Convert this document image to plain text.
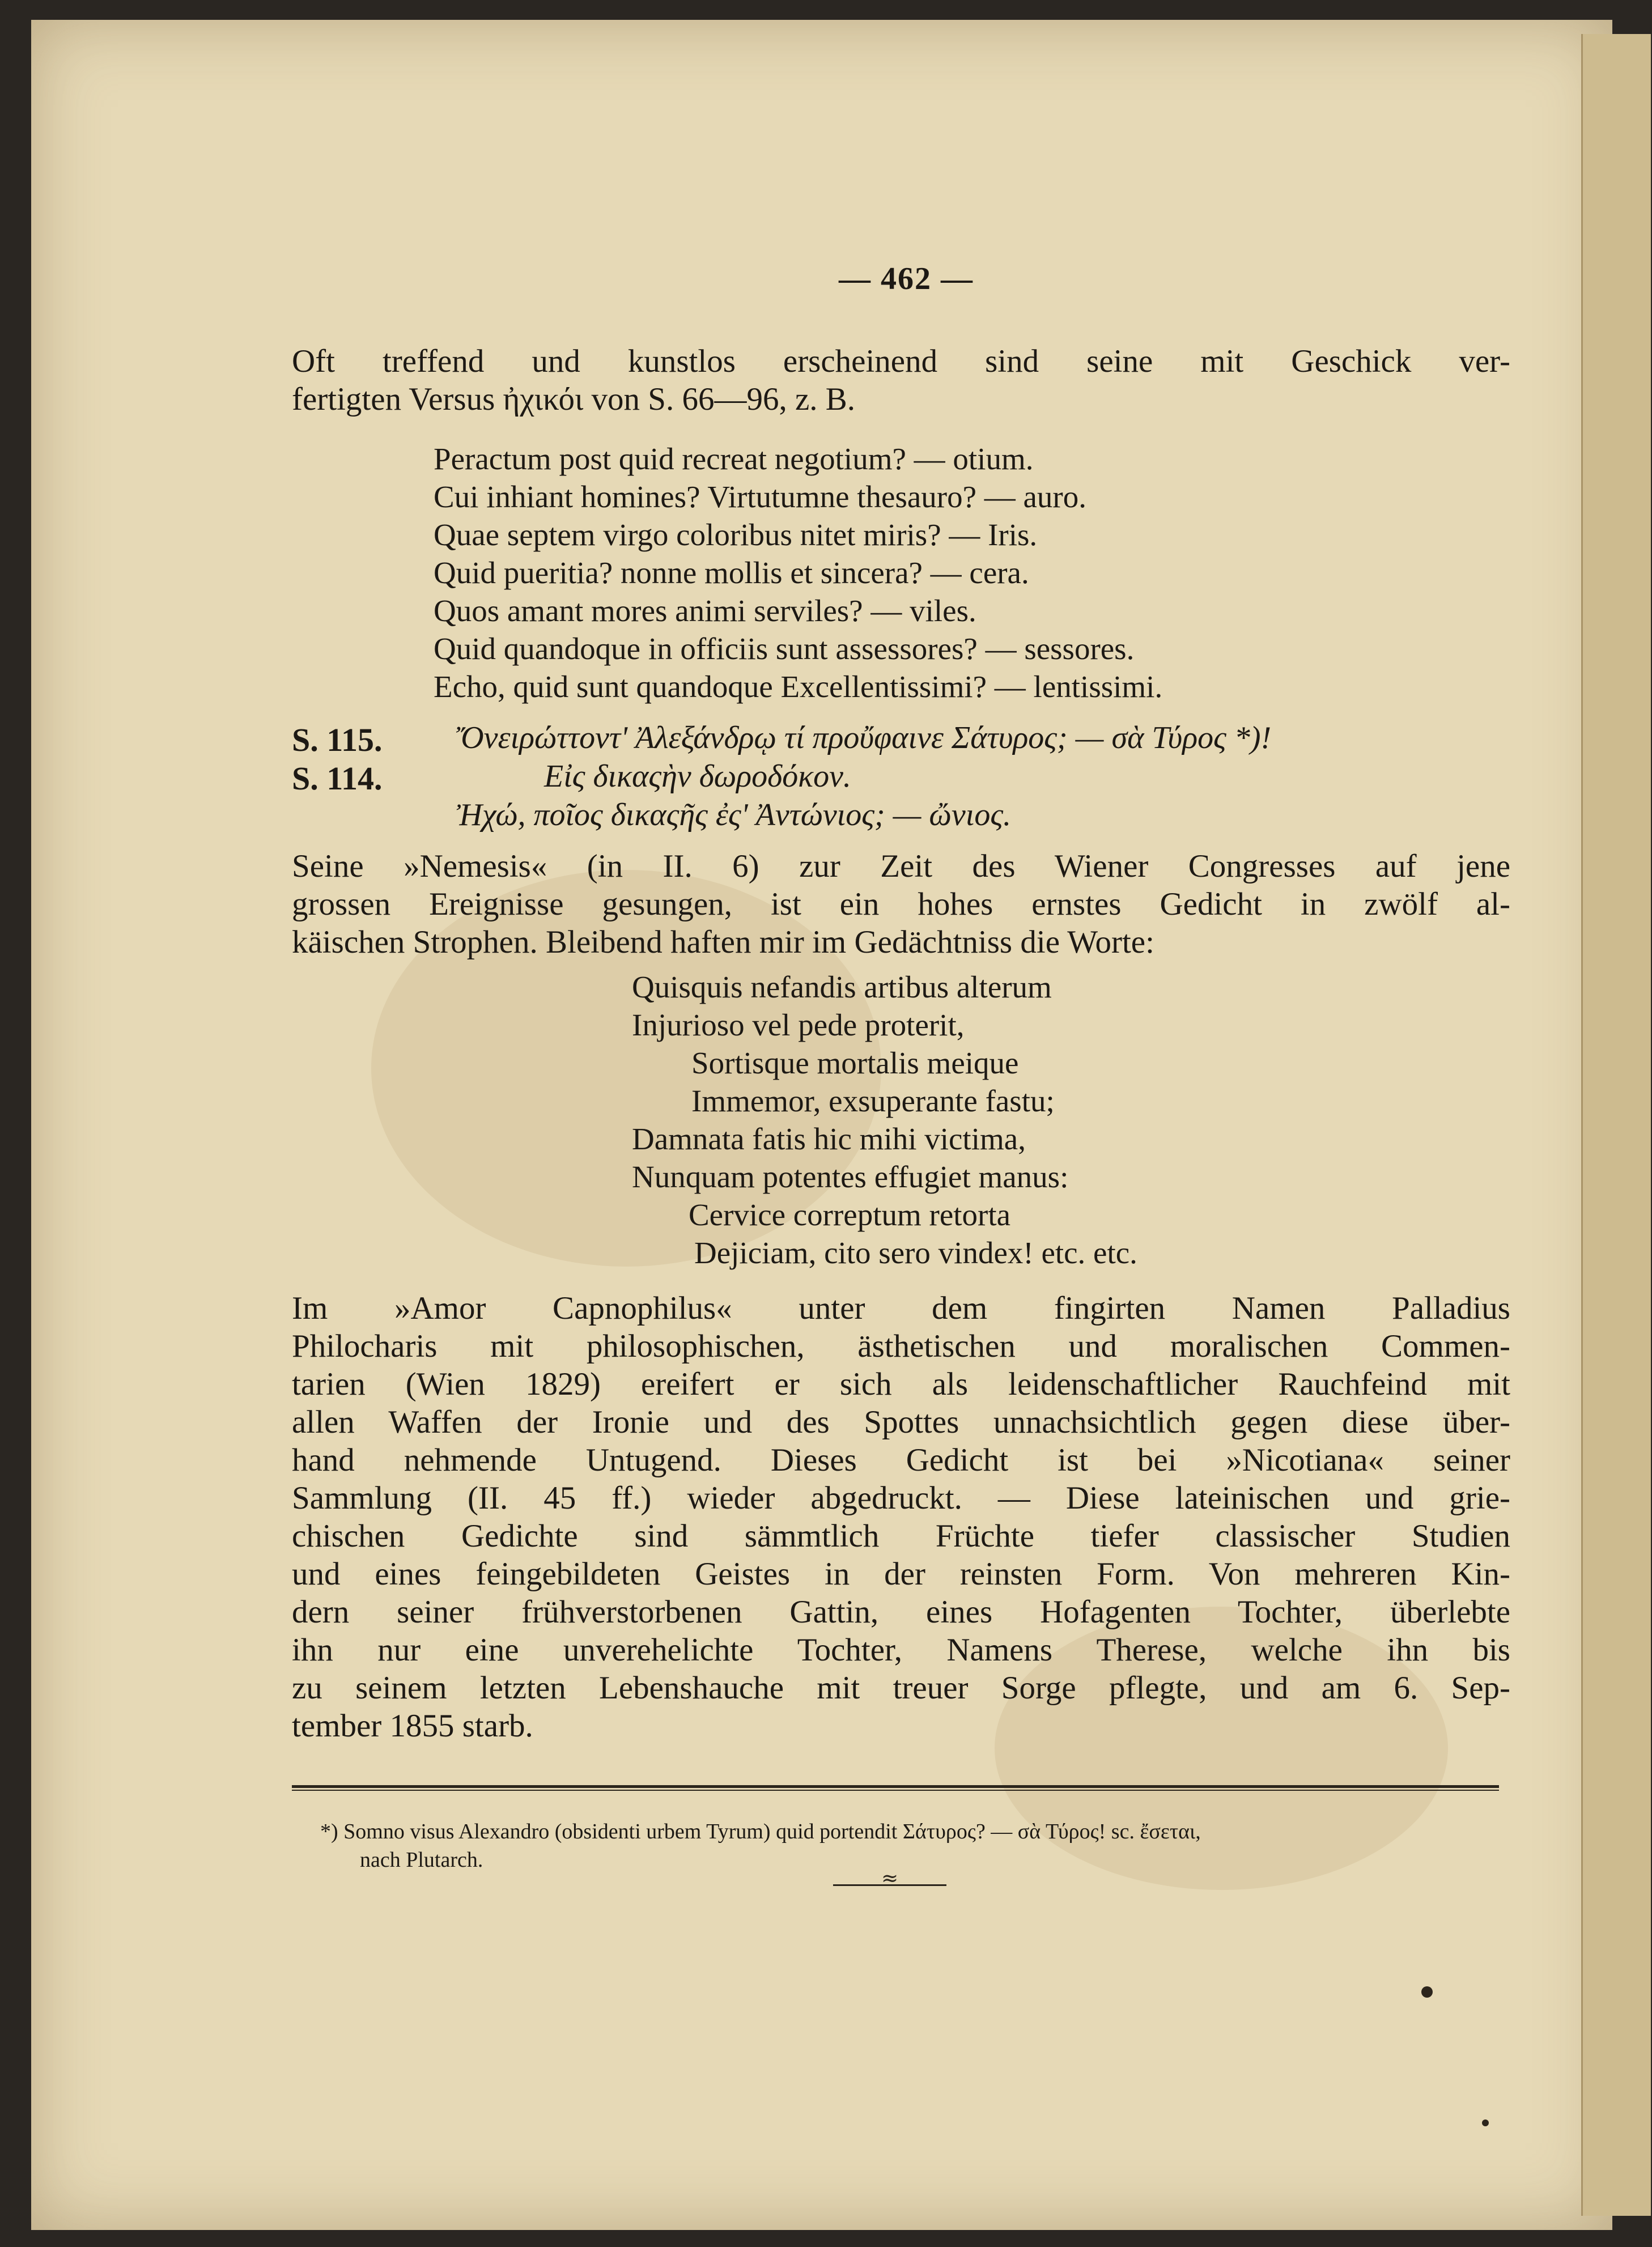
— 462 —
Oft treffend und kunstlos erscheinend sind seine mit Geschick ver-
fertigten Versus ἠχικόι von S. 66—96, z. B.
Peractum post quid recreat negotium? — otium.
Cui inhiant homines? Virtutumne thesauro? — auro.
Quae septem virgo coloribus nitet miris? — Iris.
Quid pueritia? nonne mollis et sincera? — cera.
Quos amant mores animi serviles? — viles.
Quid quandoque in officiis sunt assessores? — sessores.
Echo, quid sunt quandoque Excellentissimi? — lentissimi.
S. 115. Ὄνειρώττοντ' Ἀλεξάνδρῳ τί προὔφαινε Σάτυρος; — σὰ Τύρος *)!
S. 114.	Εἰς δικαςὴν δωροδόκον.
Ἠχώ, ποῖος δικαςῆς ἐς' Ἀντώνιος; — ὤνιος.
Seine »Nemesis« (in II. 6) zur Zeit des Wiener Congresses auf jene
grossen Ereignisse gesungen, ist ein hohes ernstes Gedicht in zwölf al-
käischen Strophen. Bleibend haften mir im Gedächtniss die Worte:
Quisquis nefandis artibus alterum
Injurioso vel pede proterit,
Sortisque mortalis meique
Immemor, exsuperante fastu;
Damnata fatis hic mihi victima,
Nunquam potentes effugiet manus:
Cervice correptum retorta
Dejiciam, cito sero vindex! etc. etc.
Im »Amor Capnophilus« unter dem fingirten Namen Palladius
Philocharis mit philosophischen, ästhetischen und moralischen Commen-
tarien (Wien 1829) ereifert er sich als leidenschaftlicher Rauchfeind mit
allen Waffen der Ironie und des Spottes unnachsichtlich gegen diese über-
hand nehmende Untugend. Dieses Gedicht ist bei »Nicotiana« seiner
Sammlung (II. 45 ff.) wieder abgedruckt. — Diese lateinischen und grie-
chischen Gedichte sind sämmtlich Früchte tiefer classischer Studien
und eines feingebildeten Geistes in der reinsten Form. Von mehreren Kin-
dern seiner frühverstorbenen Gattin, eines Hofagenten Tochter, überlebte
ihn nur eine unverehelichte Tochter, Namens Therese, welche ihn bis
zu seinem letzten Lebenshauche mit treuer Sorge pflegte, und am 6. Sep-
tember 1855 starb.
*) Somno visus Alexandro (obsidenti urbem Tyrum) quid portendit Σάτυρος? — σὰ Τύρος! sc. ἔσεται,
nach Plutarch.
≈
